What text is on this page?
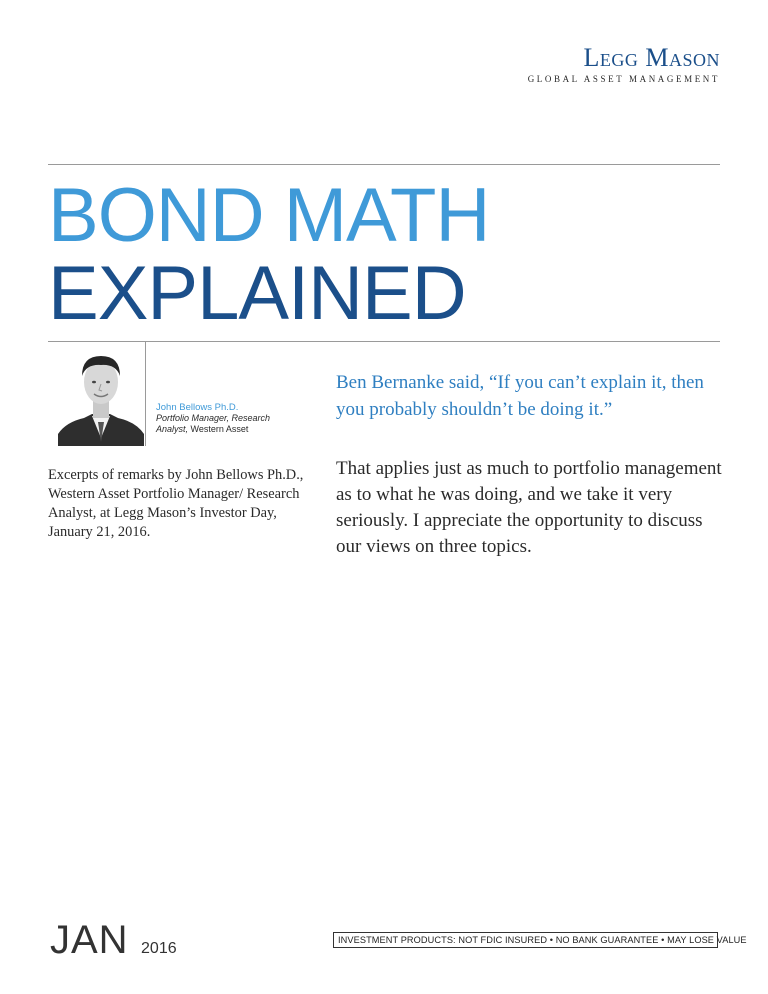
Legg Mason
GLOBAL ASSET MANAGEMENT
BOND MATH
EXPLAINED
John Bellows Ph.D.
Portfolio Manager, Research Analyst, Western Asset
Ben Bernanke said, “If you can’t explain it, then you probably shouldn’t be doing it.”
Excerpts of remarks by John Bellows Ph.D., Western Asset Portfolio Manager/ Research Analyst, at Legg Mason’s Investor Day, January 21, 2016.
That applies just as much to portfolio management as to what he was doing, and we take it very seriously. I appreciate the opportunity to discuss our views on three topics.
JAN 2016	INVESTMENT PRODUCTS: NOT FDIC INSURED • NO BANK GUARANTEE • MAY LOSE VALUE
